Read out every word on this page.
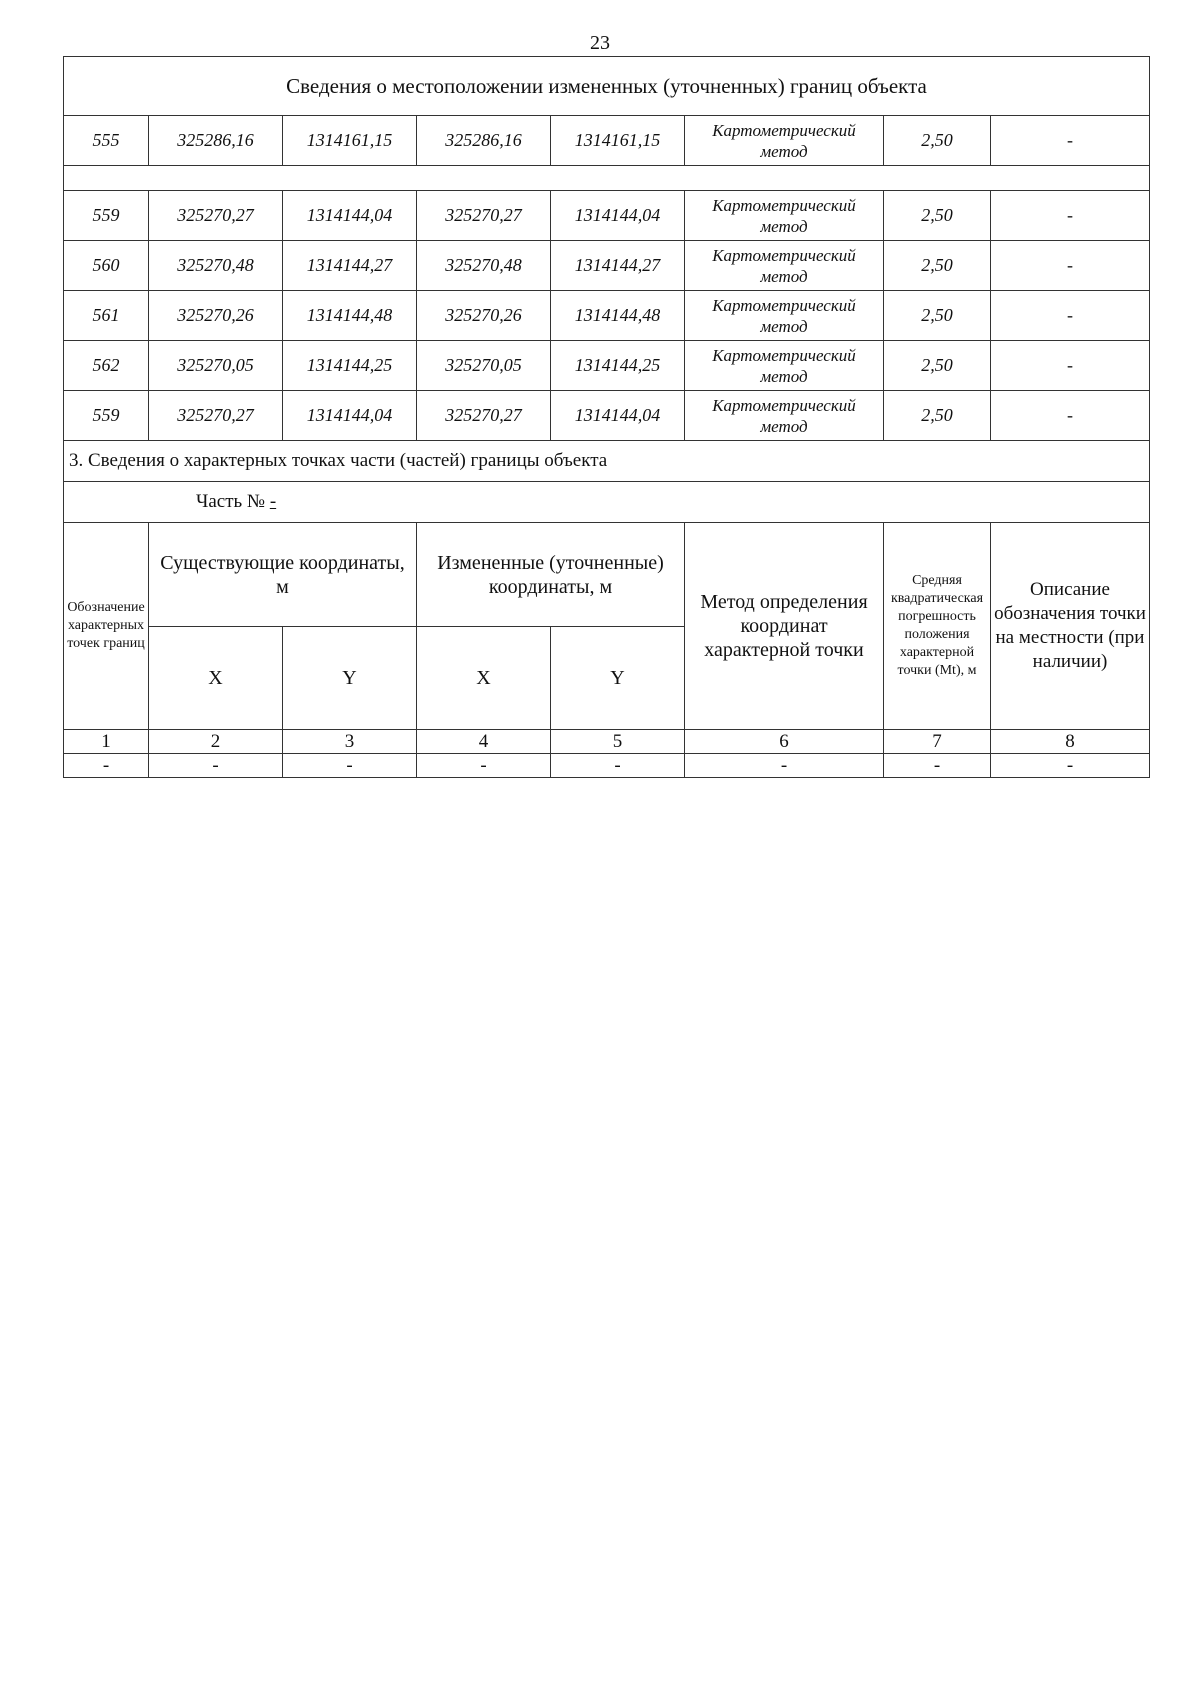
23
Сведения о местоположении измененных (уточненных) границ объекта							
555	325286,16	1314161,15	325286,16	1314161,15	Картометрический метод	2,50	-

559	325270,27	1314144,04	325270,27	1314144,04	Картометрический метод	2,50	-
560	325270,48	1314144,27	325270,48	1314144,27	Картометрический метод	2,50	-
561	325270,26	1314144,48	325270,26	1314144,48	Картометрический метод	2,50	-
562	325270,05	1314144,25	325270,05	1314144,25	Картометрический метод	2,50	-
559	325270,27	1314144,04	325270,27	1314144,04	Картометрический метод	2,50	-
3. Сведения о характерных точках части (частей) границы объекта							
Часть № -							
Обозначение характерных точек границ	Существующие координаты, м		Измененные (уточненные) координаты, м		Метод определения координат характерной точки	Средняя квадратическая погрешность положения характерной точки (Mt), м	Описание обозначения точки на местности (при наличии)
	X	Y	X	Y			
1	2	3	4	5	6	7	8
-	-	-	-	-	-	-	-
